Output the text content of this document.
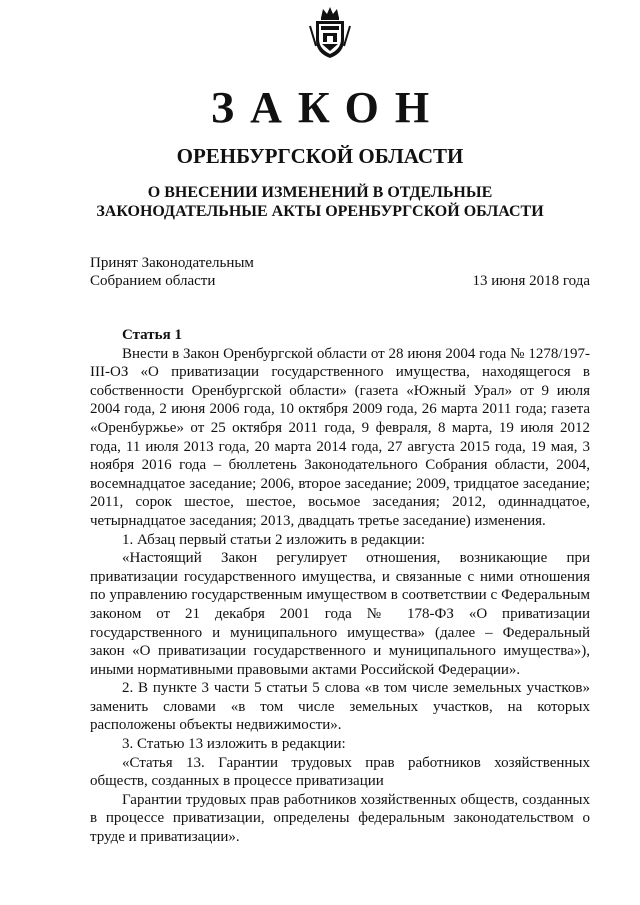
ЗАКОН
ОРЕНБУРГСКОЙ ОБЛАСТИ
О ВНЕСЕНИИ ИЗМЕНЕНИЙ В ОТДЕЛЬНЫЕ ЗАКОНОДАТЕЛЬНЫЕ АКТЫ ОРЕНБУРГСКОЙ ОБЛАСТИ
Принят Законодательным
Собранием области	13 июня 2018 года

Статья 1

Внести в Закон Оренбургской области от 28 июня 2004 года № 1278/197-III-ОЗ «О приватизации государственного имущества, находящегося в собственности Оренбургской области» (газета «Южный Урал» от 9 июля 2004 года, 2 июня 2006 года, 10 октября 2009 года, 26 марта 2011 года; газета «Оренбуржье» от 25 октября 2011 года, 9 февраля, 8 марта, 19 июля 2012 года, 11 июля 2013 года, 20 марта 2014 года, 27 августа 2015 года, 19 мая, 3 ноября 2016 года – бюллетень Законодательного Собрания области, 2004, восемнадцатое заседание; 2006, второе заседание; 2009, тридцатое заседание; 2011, сорок шестое, шестое, восьмое заседания; 2012, одиннадцатое, четырнадцатое заседания; 2013, двадцать третье заседание) изменения.

1. Абзац первый статьи 2 изложить в редакции:

«Настоящий Закон регулирует отношения, возникающие при приватизации государственного имущества, и связанные с ними отношения по управлению государственным имуществом в соответствии с Федеральным законом от 21 декабря 2001 года № 178-ФЗ «О приватизации государственного и муниципального имущества» (далее – Федеральный закон «О приватизации государственного и муниципального имущества»), иными нормативными правовыми актами Российской Федерации».

2. В пункте 3 части 5 статьи 5 слова «в том числе земельных участков» заменить словами «в том числе земельных участков, на которых расположены объекты недвижимости».

3. Статью 13 изложить в редакции:

«Статья 13. Гарантии трудовых прав работников хозяйственных обществ, созданных в процессе приватизации

Гарантии трудовых прав работников хозяйственных обществ, созданных в процессе приватизации, определены федеральным законодательством о труде и приватизации».
